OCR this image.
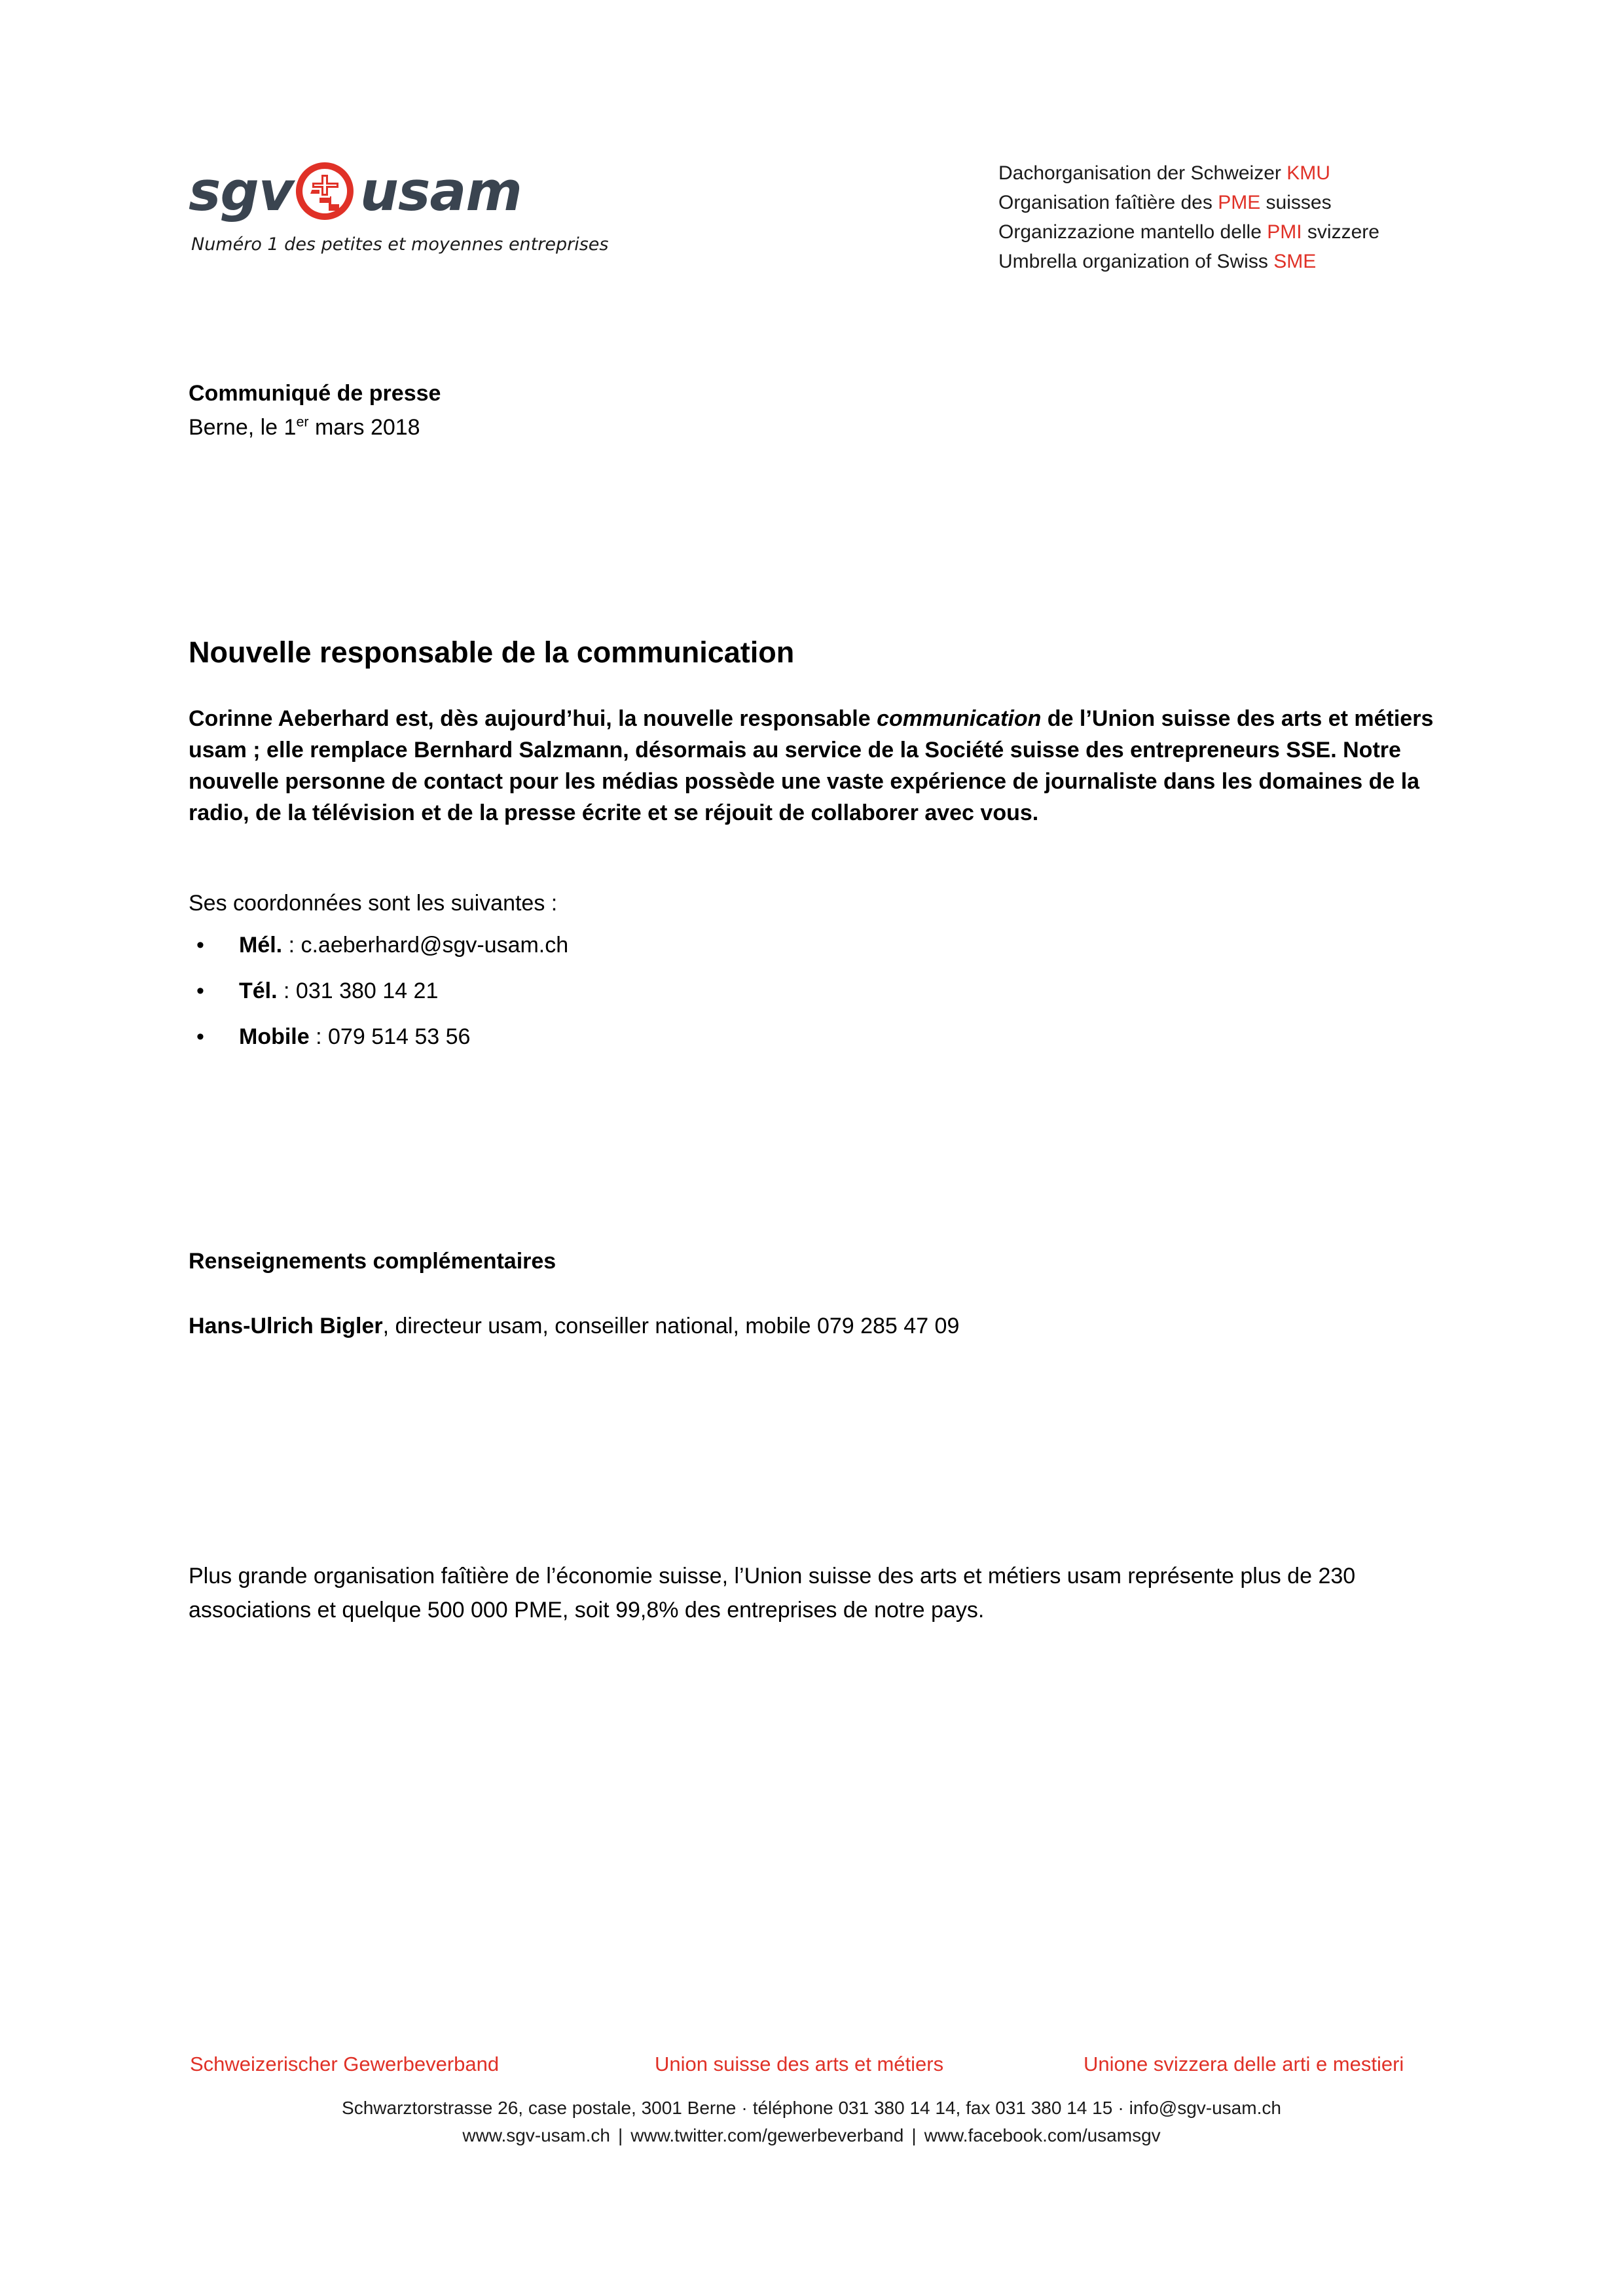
sgv usam
Numéro 1 des petites et moyennes entreprises
Dachorganisation der Schweizer KMU
Organisation faîtière des PME suisses
Organizzazione mantello delle PMI svizzere
Umbrella organization of Swiss SME
Communiqué de presse
Berne, le 1er mars 2018
Nouvelle responsable de la communication

Corinne Aeberhard est, dès aujourd’hui, la nouvelle responsable communication de l’Union suisse des arts et métiers usam ; elle remplace Bernhard Salzmann, désormais au service de la Société suisse des entrepreneurs SSE. Notre nouvelle personne de contact pour les médias possède une vaste expérience de journaliste dans les domaines de la radio, de la télévision et de la presse écrite et se réjouit de collaborer avec vous.

Ses coordonnées sont les suivantes :

• Mél. : c.aeberhard@sgv-usam.ch
• Tél. : 031 380 14 21
• Mobile : 079 514 53 56
Renseignements complémentaires

Hans-Ulrich Bigler, directeur usam, conseiller national, mobile 079 285 47 09

Plus grande organisation faîtière de l’économie suisse, l’Union suisse des arts et métiers usam représente plus de 230 associations et quelque 500 000 PME, soit 99,8% des entreprises de notre pays.

Schweizerischer Gewerbeverband	Union suisse des arts et métiers	Unione svizzera delle arti e mestieri
Schwarztorstrasse 26, case postale, 3001 Berne · téléphone 031 380 14 14, fax 031 380 14 15 · info@sgv-usam.ch
www.sgv-usam.ch | www.twitter.com/gewerbeverband | www.facebook.com/usamsgv
